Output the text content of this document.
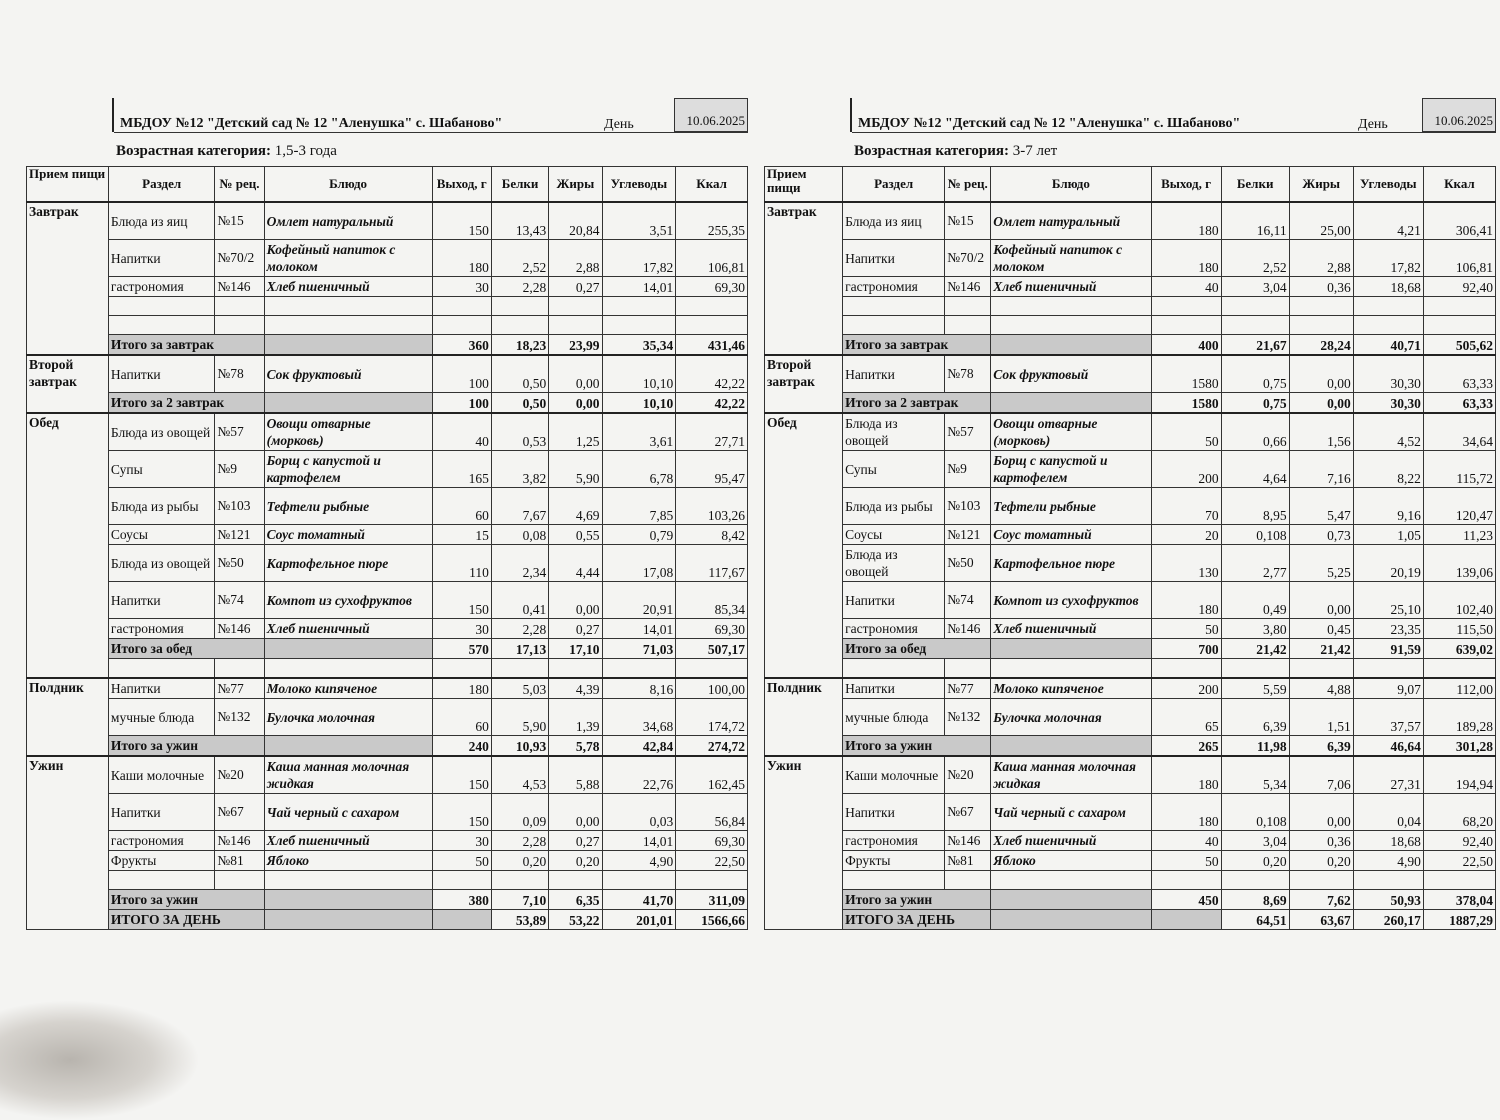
МБДОУ №12 "Детский сад № 12 "Аленушка" с. Шабаново"	День	10.06.2025
Возрастная категория: 1,5-3 года
Прием пищи	Раздел	№ рец.	Блюдо	Выход, г	Белки	Жиры	Углеводы	Ккал
Завтрак	Блюда из яиц	№15	Омлет натуральный	150	13,43	20,84	3,51	255,35
	Напитки	№70/2	Кофейный напиток с молоком	180	2,52	2,88	17,82	106,81
	гастрономия	№146	Хлеб пшеничный	30	2,28	0,27	14,01	69,30

	Итого за завтрак			360	18,23	23,99	35,34	431,46
Второй завтрак	Напитки	№78	Сок фруктовый	100	0,50	0,00	10,10	42,22
	Итого за 2 завтрак			100	0,50	0,00	10,10	42,22
Обед	Блюда из овощей	№57	Овощи отварные (морковь)	40	0,53	1,25	3,61	27,71
	Супы	№9	Борщ с капустой и картофелем	165	3,82	5,90	6,78	95,47
	Блюда из рыбы	№103	Тефтели рыбные	60	7,67	4,69	7,85	103,26
	Соусы	№121	Соус томатный	15	0,08	0,55	0,79	8,42
	Блюда из овощей	№50	Картофельное пюре	110	2,34	4,44	17,08	117,67
	Напитки	№74	Компот из сухофруктов	150	0,41	0,00	20,91	85,34
	гастрономия	№146	Хлеб пшеничный	30	2,28	0,27	14,01	69,30
	Итого за обед			570	17,13	17,10	71,03	507,17

Полдник	Напитки	№77	Молоко кипяченое	180	5,03	4,39	8,16	100,00
	мучные блюда	№132	Булочка молочная	60	5,90	1,39	34,68	174,72
	Итого за ужин			240	10,93	5,78	42,84	274,72
Ужин	Каши молочные	№20	Каша манная молочная жидкая	150	4,53	5,88	22,76	162,45
	Напитки	№67	Чай черный с сахаром	150	0,09	0,00	0,03	56,84
	гастрономия	№146	Хлеб пшеничный	30	2,28	0,27	14,01	69,30
	Фрукты	№81	Яблоко	50	0,20	0,20	4,90	22,50

	Итого за ужин			380	7,10	6,35	41,70	311,09
	ИТОГО ЗА ДЕНЬ				53,89	53,22	201,01	1566,66
МБДОУ №12 "Детский сад № 12 "Аленушка" с. Шабаново"	День	10.06.2025
Возрастная категория: 3-7 лет
Прием пищи	Раздел	№ рец.	Блюдо	Выход, г	Белки	Жиры	Углеводы	Ккал
Завтрак	Блюда из яиц	№15	Омлет натуральный	180	16,11	25,00	4,21	306,41
	Напитки	№70/2	Кофейный напиток с молоком	180	2,52	2,88	17,82	106,81
	гастрономия	№146	Хлеб пшеничный	40	3,04	0,36	18,68	92,40

	Итого за завтрак			400	21,67	28,24	40,71	505,62
Второй завтрак	Напитки	№78	Сок фруктовый	1580	0,75	0,00	30,30	63,33
	Итого за 2 завтрак			1580	0,75	0,00	30,30	63,33
Обед	Блюда из овощей	№57	Овощи отварные (морковь)	50	0,66	1,56	4,52	34,64
	Супы	№9	Борщ с капустой и картофелем	200	4,64	7,16	8,22	115,72
	Блюда из рыбы	№103	Тефтели рыбные	70	8,95	5,47	9,16	120,47
	Соусы	№121	Соус томатный	20	0,108	0,73	1,05	11,23
	Блюда из овощей	№50	Картофельное пюре	130	2,77	5,25	20,19	139,06
	Напитки	№74	Компот из сухофруктов	180	0,49	0,00	25,10	102,40
	гастрономия	№146	Хлеб пшеничный	50	3,80	0,45	23,35	115,50
	Итого за обед			700	21,42	21,42	91,59	639,02

Полдник	Напитки	№77	Молоко кипяченое	200	5,59	4,88	9,07	112,00
	мучные блюда	№132	Булочка молочная	65	6,39	1,51	37,57	189,28
	Итого за ужин			265	11,98	6,39	46,64	301,28
Ужин	Каши молочные	№20	Каша манная молочная жидкая	180	5,34	7,06	27,31	194,94
	Напитки	№67	Чай черный с сахаром	180	0,108	0,00	0,04	68,20
	гастрономия	№146	Хлеб пшеничный	40	3,04	0,36	18,68	92,40
	Фрукты	№81	Яблоко	50	0,20	0,20	4,90	22,50

	Итого за ужин			450	8,69	7,62	50,93	378,04
	ИТОГО ЗА ДЕНЬ				64,51	63,67	260,17	1887,29
